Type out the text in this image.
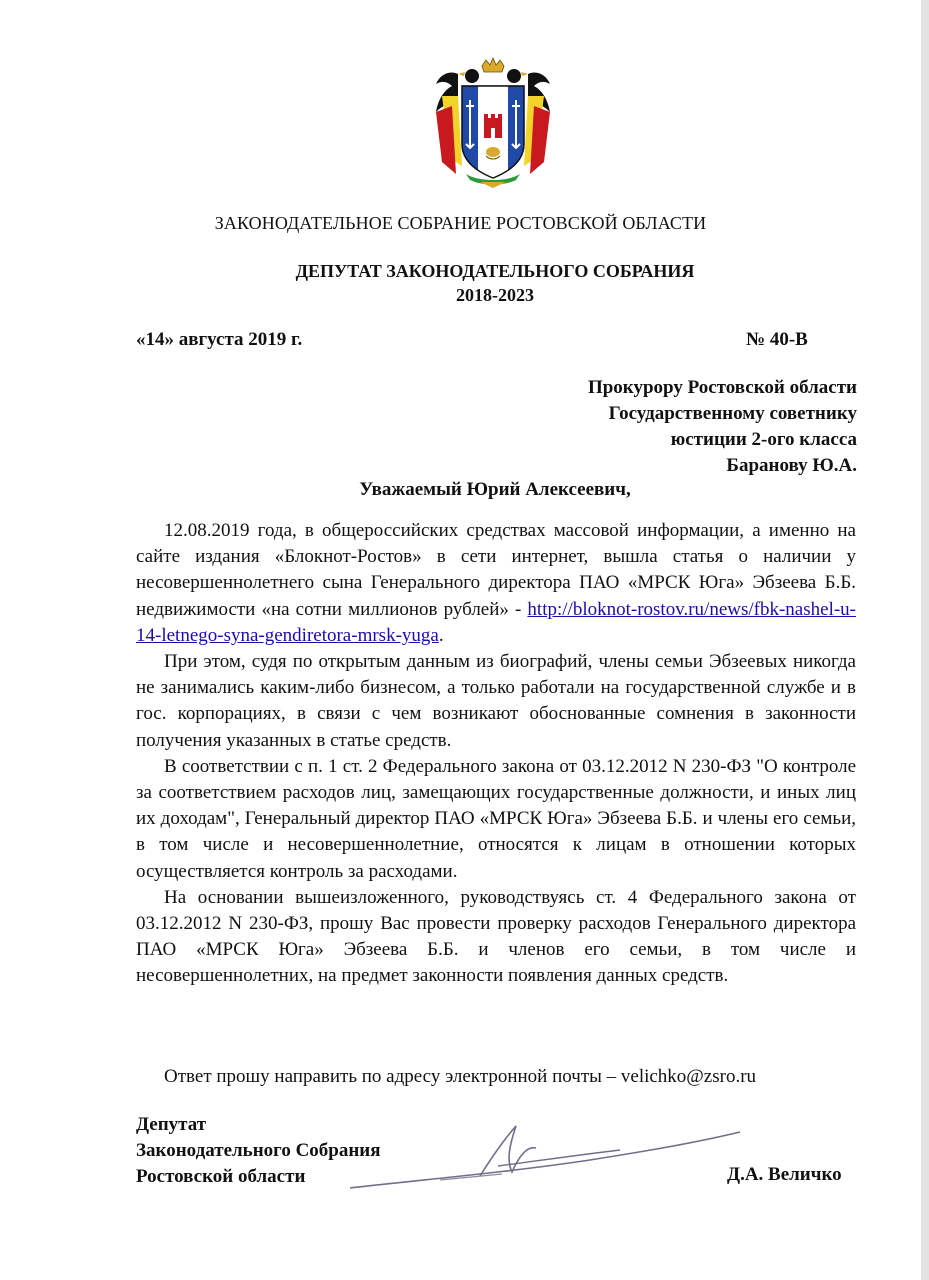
ЗАКОНОДАТЕЛЬНОЕ СОБРАНИЕ РОСТОВСКОЙ ОБЛАСТИ
ДЕПУТАТ ЗАКОНОДАТЕЛЬНОГО СОБРАНИЯ
2018-2023
«14» августа 2019 г.	№ 40-В
Прокурору Ростовской области
Государственному советнику
юстиции 2-ого класса
Баранову Ю.А.
Уважаемый Юрий Алексеевич,

12.08.2019 года, в общероссийских средствах массовой информации, а именно на сайте издания «Блокнот-Ростов» в сети интернет, вышла статья о наличии у несовершеннолетнего сына Генерального директора ПАО «МРСК Юга» Эбзеева Б.Б. недвижимости «на сотни миллионов рублей» - http://bloknot-rostov.ru/news/fbk-nashel-u-14-letnego-syna-gendiretora-mrsk-yuga.

При этом, судя по открытым данным из биографий, члены семьи Эбзеевых никогда не занимались каким-либо бизнесом, а только работали на государственной службе и в гос. корпорациях, в связи с чем возникают обоснованные сомнения в законности получения указанных в статье средств.

В соответствии с п. 1 ст. 2 Федерального закона от 03.12.2012 N 230-ФЗ "О контроле за соответствием расходов лиц, замещающих государственные должности, и иных лиц их доходам", Генеральный директор ПАО «МРСК Юга» Эбзеева Б.Б. и члены его семьи, в том числе и несовершеннолетние, относятся к лицам в отношении которых осуществляется контроль за расходами.

На основании вышеизложенного, руководствуясь ст. 4 Федерального закона от 03.12.2012 N 230-ФЗ, прошу Вас провести проверку расходов Генерального директора ПАО «МРСК Юга» Эбзеева Б.Б. и членов его семьи, в том числе и несовершеннолетних, на предмет законности появления данных средств.

Ответ прошу направить по адресу электронной почты – velichko@zsro.ru
Депутат
Законодательного Собрания
Ростовской области	Д.А. Величко
